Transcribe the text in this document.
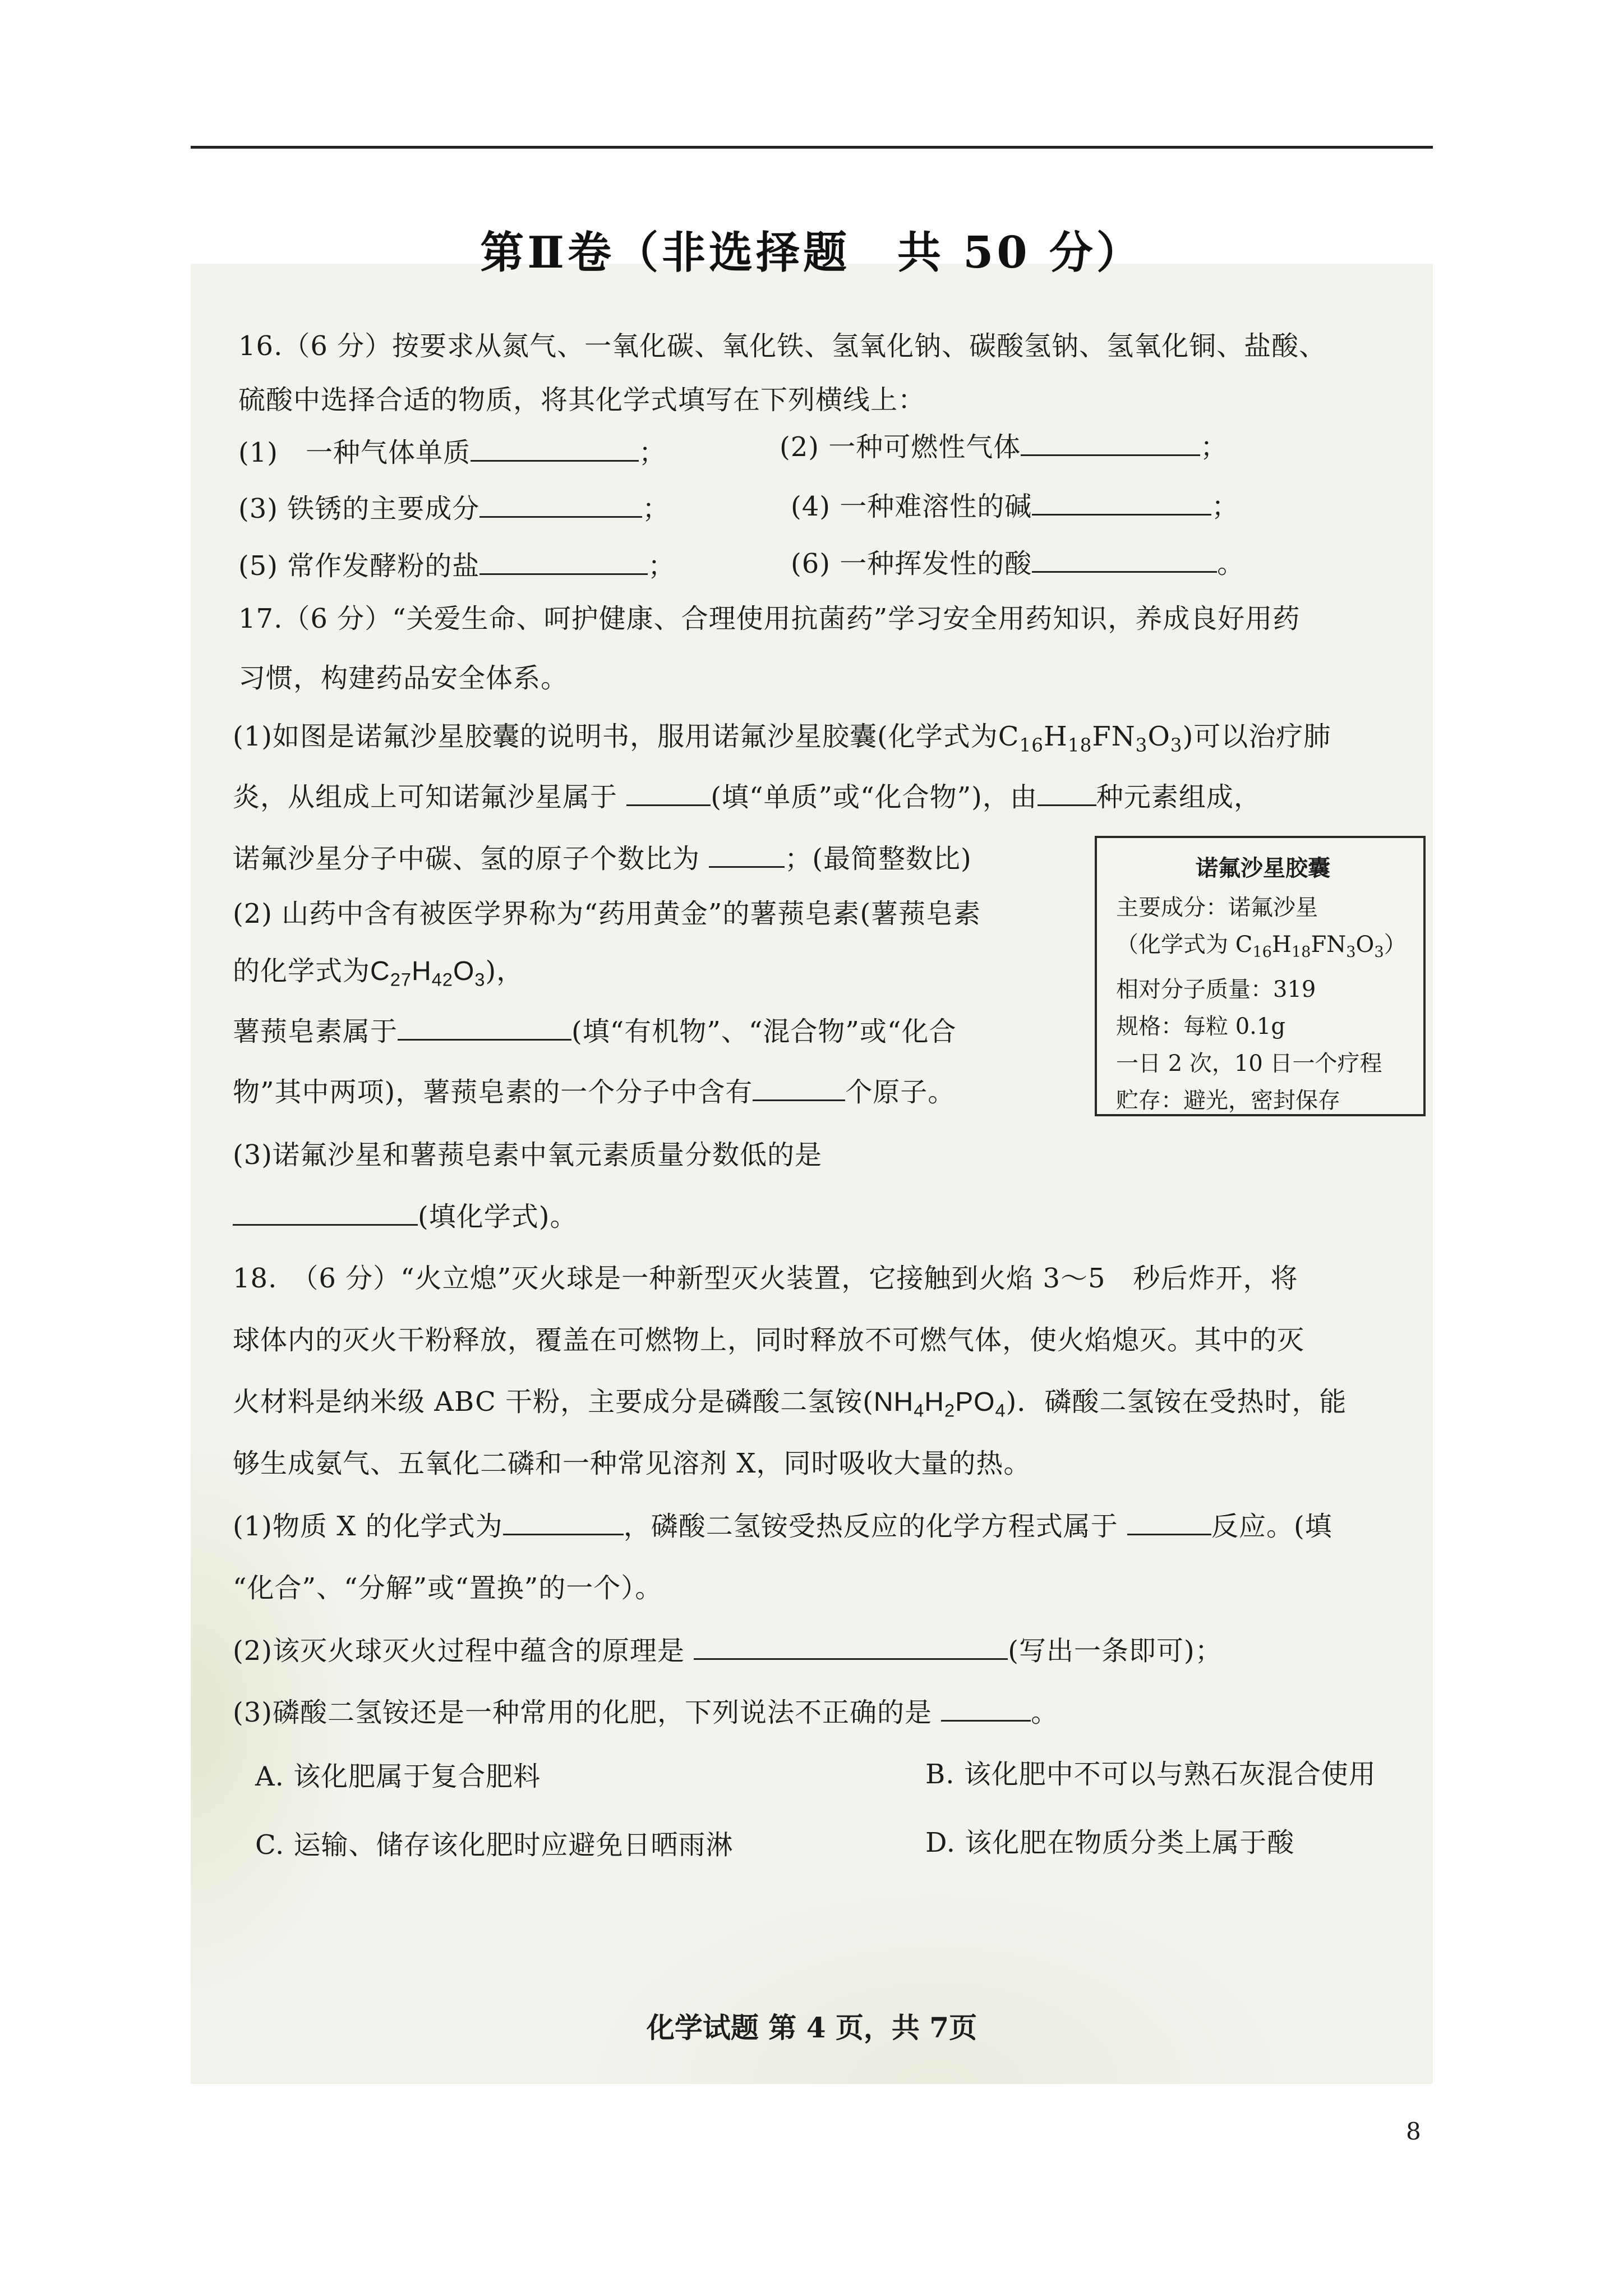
第Ⅱ卷（非选择题　共 50 分）
16.（6 分）按要求从氮气、一氧化碳、氧化铁、氢氧化钠、碳酸氢钠、氢氧化铜、盐酸、
硫酸中选择合适的物质，将其化学式填写在下列横线上：
(1)　一种气体单质	；	(2) 一种可燃性气体	；
(3) 铁锈的主要成分	；	(4) 一种难溶性的碱	；
(5) 常作发酵粉的盐	；	(6) 一种挥发性的酸	。
17.（6 分）“关爱生命、呵护健康、合理使用抗菌药”学习安全用药知识，养成良好用药
习惯，构建药品安全体系。
(1)如图是诺氟沙星胶囊的说明书，服用诺氟沙星胶囊(化学式为$C_{16}H_{18}FN_3O_3$)可以治疗肺
炎，从组成上可知诺氟沙星属于	(填“单质”或“化合物”)，由 种元素组成，
诺氟沙星分子中碳、氢的原子个数比为	；(最简整数比)
(2) 山药中含有被医学界称为“药用黄金”的薯蓣皂素(薯蓣皂素
的化学式为$C_{27}H_{42}O_3$)，
薯蓣皂素属于	(填“有机物”、“混合物”或“化合
物”其中两项)，薯蓣皂素的一个分子中含有	个原子。
(3)诺氟沙星和薯蓣皂素中氧元素质量分数低的是
(填化学式)。
诺氟沙星胶囊
主要成分：诺氟沙星
（化学式为 $C_{16}H_{18}FN_3O_3$）
相对分子质量：319
规格：每粒 0.1g
一日 2 次，10 日一个疗程
贮存：避光，密封保存
18.　（6 分）“火立熄”灭火球是一种新型灭火装置，它接触到火焰 3～5　秒后炸开，将
球体内的灭火干粉释放，覆盖在可燃物上，同时释放不可燃气体，使火焰熄灭。其中的灭
火材料是纳米级 ABC 干粉，主要成分是磷酸二氢铵$(NH_4H_2PO_4)$．磷酸二氢铵在受热时，能
够生成氨气、五氧化二磷和一种常见溶剂 X，同时吸收大量的热。
(1)物质 X 的化学式为	，磷酸二氢铵受热反应的化学方程式属于	反应。(填
“化合”、“分解”或“置换”的一个）。
(2)该灭火球灭火过程中蕴含的原理是	(写出一条即可)；
(3)磷酸二氢铵还是一种常用的化肥，下列说法不正确的是	。
A. 该化肥属于复合肥料	B. 该化肥中不可以与熟石灰混合使用
C. 运输、储存该化肥时应避免日晒雨淋	D. 该化肥在物质分类上属于酸
化学试题 第 4 页，共 7页
8
